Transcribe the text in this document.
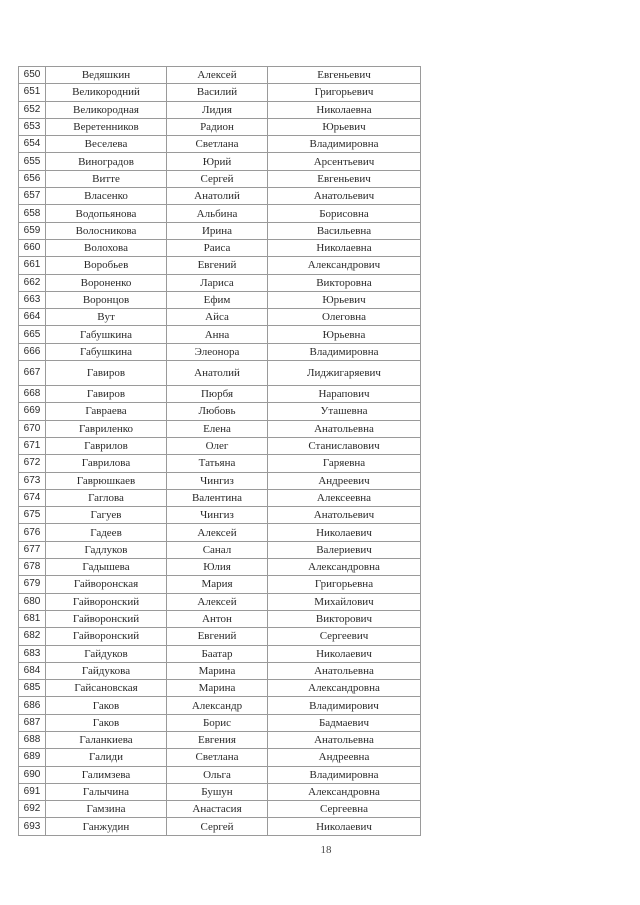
650	Ведяшкин	Алексей	Евгеньевич
651	Великородний	Василий	Григорьевич
652	Великородная	Лидия	Николаевна
653	Веретенников	Радион	Юрьевич
654	Веселева	Светлана	Владимировна
655	Виноградов	Юрий	Арсентьевич
656	Витте	Сергей	Евгеньевич
657	Власенко	Анатолий	Анатольевич
658	Водопьянова	Альбина	Борисовна
659	Волосникова	Ирина	Васильевна
660	Волохова	Раиса	Николаевна
661	Воробьев	Евгений	Александрович
662	Вороненко	Лариса	Викторовна
663	Воронцов	Ефим	Юрьевич
664	Вут	Айса	Олеговна
665	Габушкина	Анна	Юрьевна
666	Габушкина	Элеонора	Владимировна
667	Гавиров	Анатолий	Лиджигаряевич
668	Гавиров	Пюрбя	Нарапович
669	Гавраева	Любовь	Уташевна
670	Гавриленко	Елена	Анатольевна
671	Гаврилов	Олег	Станиславович
672	Гаврилова	Татьяна	Гаряевна
673	Гаврюшкаев	Чингиз	Андреевич
674	Гаглова	Валентина	Алексеевна
675	Гагуев	Чингиз	Анатольевич
676	Гадеев	Алексей	Николаевич
677	Гадлуков	Санал	Валериевич
678	Гадышева	Юлия	Александровна
679	Гайворонская	Мария	Григорьевна
680	Гайворонский	Алексей	Михайлович
681	Гайворонский	Антон	Викторович
682	Гайворонский	Евгений	Сергеевич
683	Гайдуков	Баатар	Николаевич
684	Гайдукова	Марина	Анатольевна
685	Гайсановская	Марина	Александровна
686	Гаков	Александр	Владимирович
687	Гаков	Борис	Бадмаевич
688	Галанкиева	Евгения	Анатольевна
689	Галиди	Светлана	Андреевна
690	Галимзева	Ольга	Владимировна
691	Галычина	Бушун	Александровна
692	Гамзина	Анастасия	Сергеевна
693	Ганжудин	Сергей	Николаевич
18
